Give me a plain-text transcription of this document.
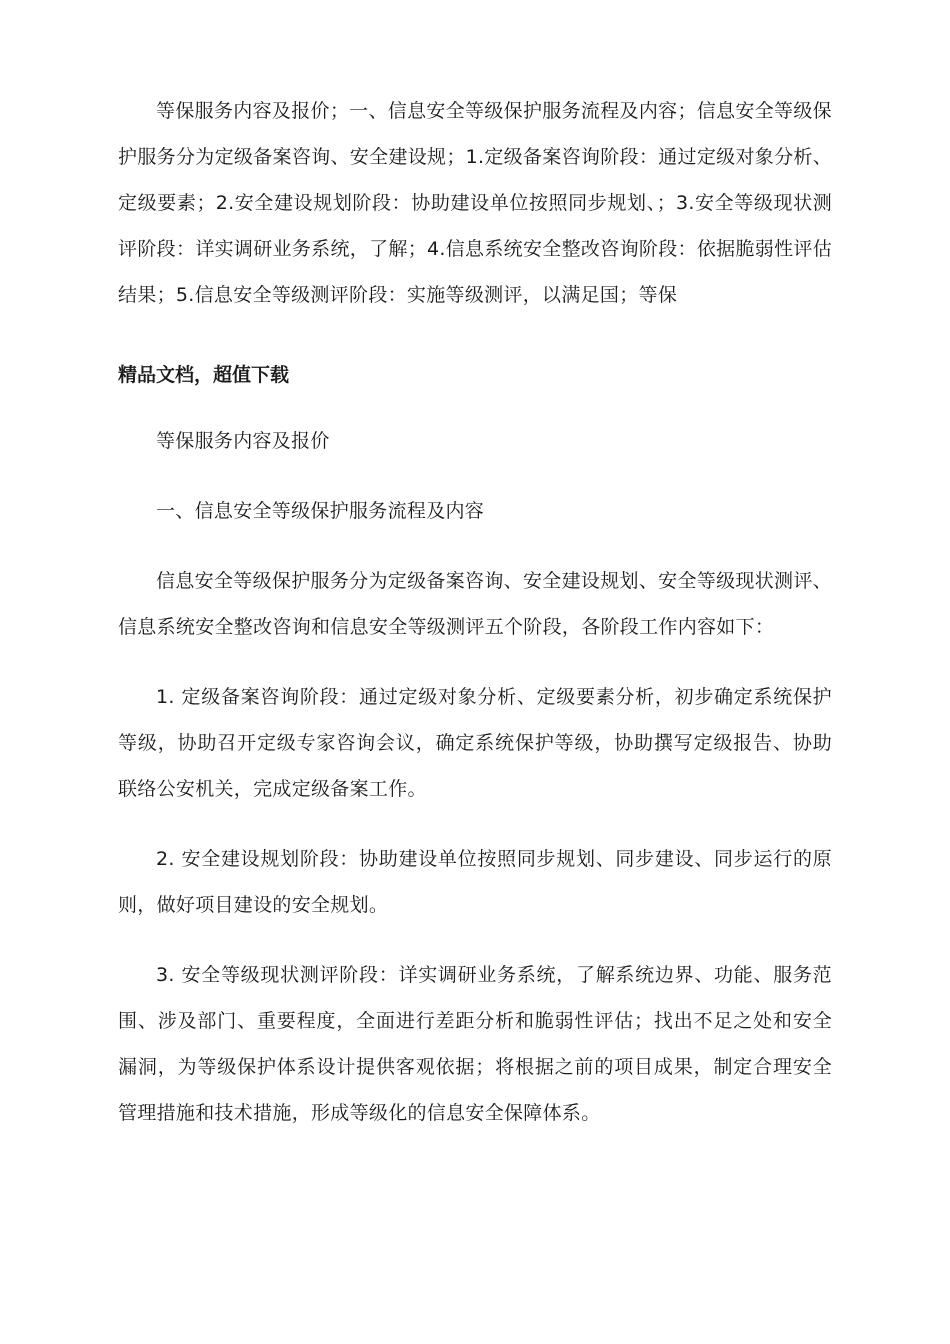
等保服务内容及报价；一、信息安全等级保护服务流程及内容；信息安全等级保护服务分为定级备案咨询、安全建设规；1.定级备案咨询阶段：通过定级对象分析、定级要素；2.安全建设规划阶段：协助建设单位按照同步规划、；3.安全等级现状测评阶段：详实调研业务系统，了解；4.信息系统安全整改咨询阶段：依据脆弱性评估结果；5.信息安全等级测评阶段：实施等级测评，以满足国；等保

精品文档，超值下载

等保服务内容及报价

一、信息安全等级保护服务流程及内容

信息安全等级保护服务分为定级备案咨询、安全建设规划、安全等级现状测评、信息系统安全整改咨询和信息安全等级测评五个阶段，各阶段工作内容如下：

1. 定级备案咨询阶段：通过定级对象分析、定级要素分析，初步确定系统保护等级，协助召开定级专家咨询会议，确定系统保护等级，协助撰写定级报告、协助联络公安机关，完成定级备案工作。

2. 安全建设规划阶段：协助建设单位按照同步规划、同步建设、同步运行的原则，做好项目建设的安全规划。

3. 安全等级现状测评阶段：详实调研业务系统，了解系统边界、功能、服务范围、涉及部门、重要程度，全面进行差距分析和脆弱性评估；找出不足之处和安全漏洞，为等级保护体系设计提供客观依据；将根据之前的项目成果，制定合理安全管理措施和技术措施，形成等级化的信息安全保障体系。
